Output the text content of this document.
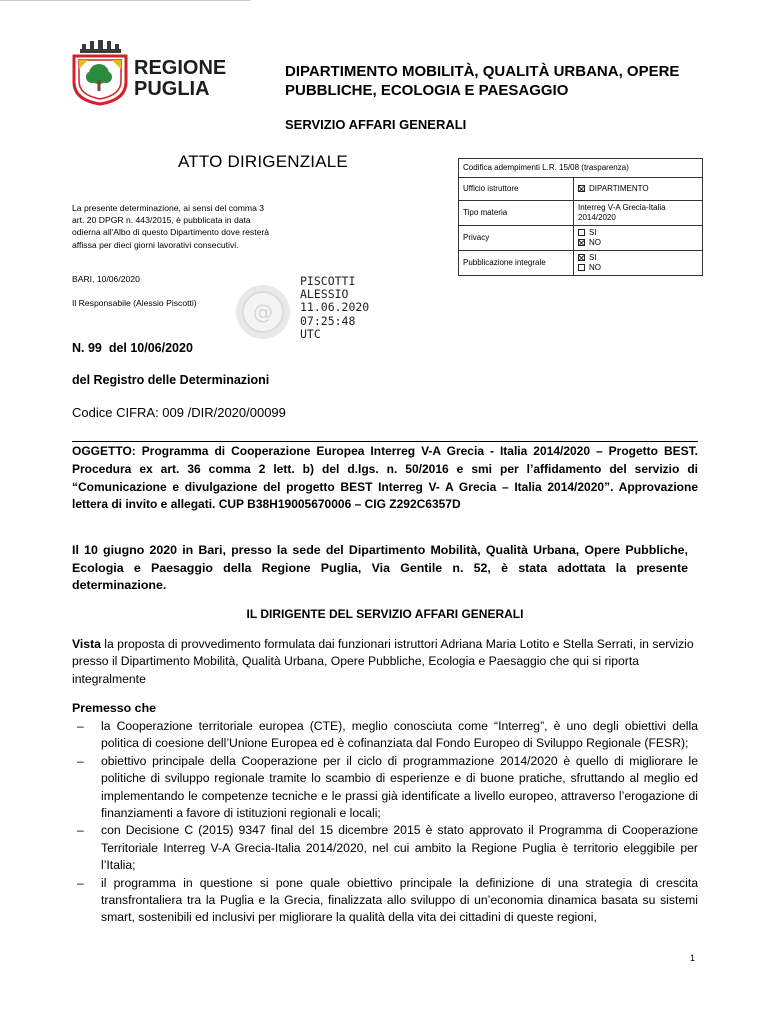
REGIONE
PUGLIA
DIPARTIMENTO MOBILITÀ, QUALITÀ URBANA, OPERE PUBBLICHE, ECOLOGIA E PAESAGGIO
SERVIZIO AFFARI GENERALI
ATTO DIRIGENZIALE
La presente determinazione, ai sensi del comma 3 art. 20 DPGR n. 443/2015, è pubblicata in data odierna all'Albo di questo Dipartimento dove resterà affissa per dieci giorni lavorativi consecutivi.
BARI, 10/06/2020
Il Responsabile (Alessio Piscotti)	@
PISCOTTI
ALESSIO
11.06.2020
07:25:48
UTC
Codifica adempimenti L.R. 15/08 (trasparenza)	
Ufficio istruttore	DIPARTIMENTO
Tipo materia	Interreg V-A Grecia-Italia 2014/2020
Privacy	SI
NO

Pubblicazione integrale	SI
NO
N. 99  del 10/06/2020
del Registro delle Determinazioni
Codice CIFRA: 009 /DIR/2020/00099
OGGETTO: Programma di Cooperazione Europea Interreg V-A Grecia - Italia 2014/2020 – Progetto BEST. Procedura ex art. 36 comma 2 lett. b) del d.lgs. n. 50/2016 e smi per l’affidamento del servizio di “Comunicazione e divulgazione del progetto BEST Interreg V- A Grecia – Italia 2014/2020”. Approvazione lettera di invito e allegati. CUP B38H19005670006 – CIG Z292C6357D
Il 10 giugno 2020 in Bari, presso la sede del Dipartimento Mobilità, Qualità Urbana, Opere Pubbliche, Ecologia e Paesaggio della Regione Puglia, Via Gentile n. 52, è stata adottata la presente determinazione.
IL DIRIGENTE DEL SERVIZIO AFFARI GENERALI
Vista la proposta di provvedimento formulata dai funzionari istruttori Adriana Maria Lotito e Stella Serrati, in servizio presso il Dipartimento Mobilità, Qualità Urbana, Opere Pubbliche, Ecologia e Paesaggio che qui si riporta integralmente
Premesso che
– la Cooperazione territoriale europea (CTE), meglio conosciuta come “Interreg”, è uno degli obiettivi della politica di coesione dell’Unione Europea ed è cofinanziata dal Fondo Europeo di Sviluppo Regionale (FESR);
– obiettivo principale della Cooperazione per il ciclo di programmazione 2014/2020 è quello di migliorare le politiche di sviluppo regionale tramite lo scambio di esperienze e di buone pratiche, sfruttando al meglio ed implementando le competenze tecniche e le prassi già identificate a livello europeo, attraverso l’erogazione di finanziamenti a favore di istituzioni regionali e locali;
– con Decisione C (2015) 9347 final del 15 dicembre 2015 è stato approvato il Programma di Cooperazione Territoriale Interreg V-A Grecia-Italia 2014/2020, nel cui ambito la Regione Puglia è territorio eleggibile per l’Italia;
– il programma in questione si pone quale obiettivo principale la definizione di una strategia di crescita transfrontaliera tra la Puglia e la Grecia, finalizzata allo sviluppo di un’economia dinamica basata su sistemi smart, sostenibili ed inclusivi per migliorare la qualità della vita dei cittadini di queste regioni,
1
